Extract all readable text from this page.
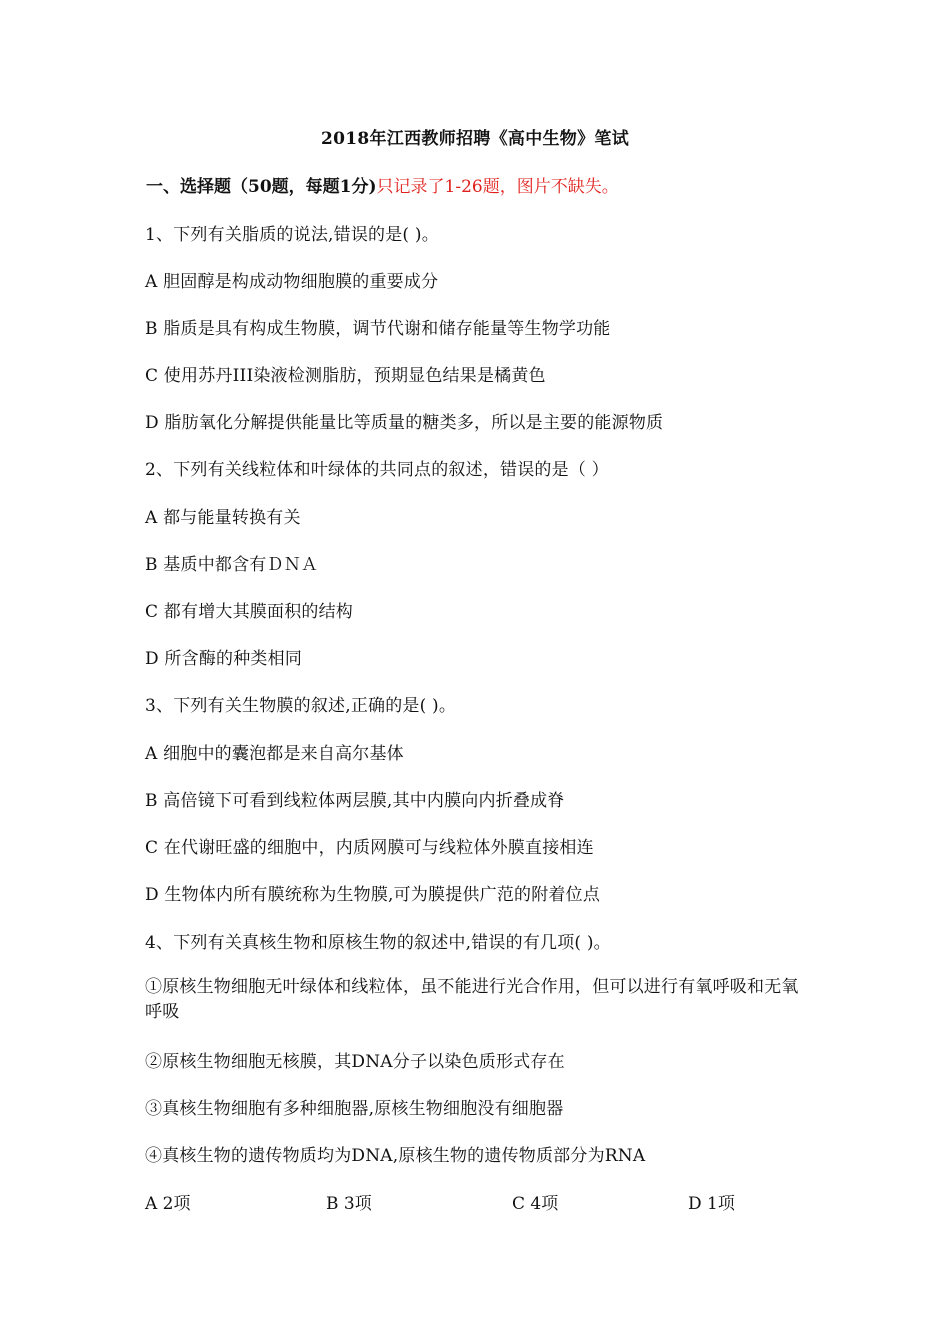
2018年江西教师招聘《高中生物》笔试
一、选择题（50题，每题1分)只记录了1-26题，图片不缺失。
1、下列有关脂质的说法,错误的是( )。
A 胆固醇是构成动物细胞膜的重要成分
B 脂质是具有构成生物膜，调节代谢和储存能量等生物学功能
C 使用苏丹III染液检测脂肪，预期显色结果是橘黄色
D 脂肪氧化分解提供能量比等质量的糖类多，所以是主要的能源物质
2、下列有关线粒体和叶绿体的共同点的叙述，错误的是（ ）
A 都与能量转换有关
B 基质中都含有ＤＮＡ
C 都有增大其膜面积的结构
D 所含酶的种类相同
3、下列有关生物膜的叙述,正确的是( )。
A 细胞中的囊泡都是来自高尔基体
B 高倍镜下可看到线粒体两层膜,其中内膜向内折叠成脊
C 在代谢旺盛的细胞中，内质网膜可与线粒体外膜直接相连
D 生物体内所有膜统称为生物膜,可为膜提供广范的附着位点
4、下列有关真核生物和原核生物的叙述中,错误的有几项( )。
①原核生物细胞无叶绿体和线粒体，虽不能进行光合作用，但可以进行有氧呼吸和无氧呼吸
②原核生物细胞无核膜，其DNA分子以染色质形式存在
③真核生物细胞有多种细胞器,原核生物细胞没有细胞器
④真核生物的遗传物质均为DNA,原核生物的遗传物质部分为RNA
A 2项	B 3项	C 4项	D 1项
